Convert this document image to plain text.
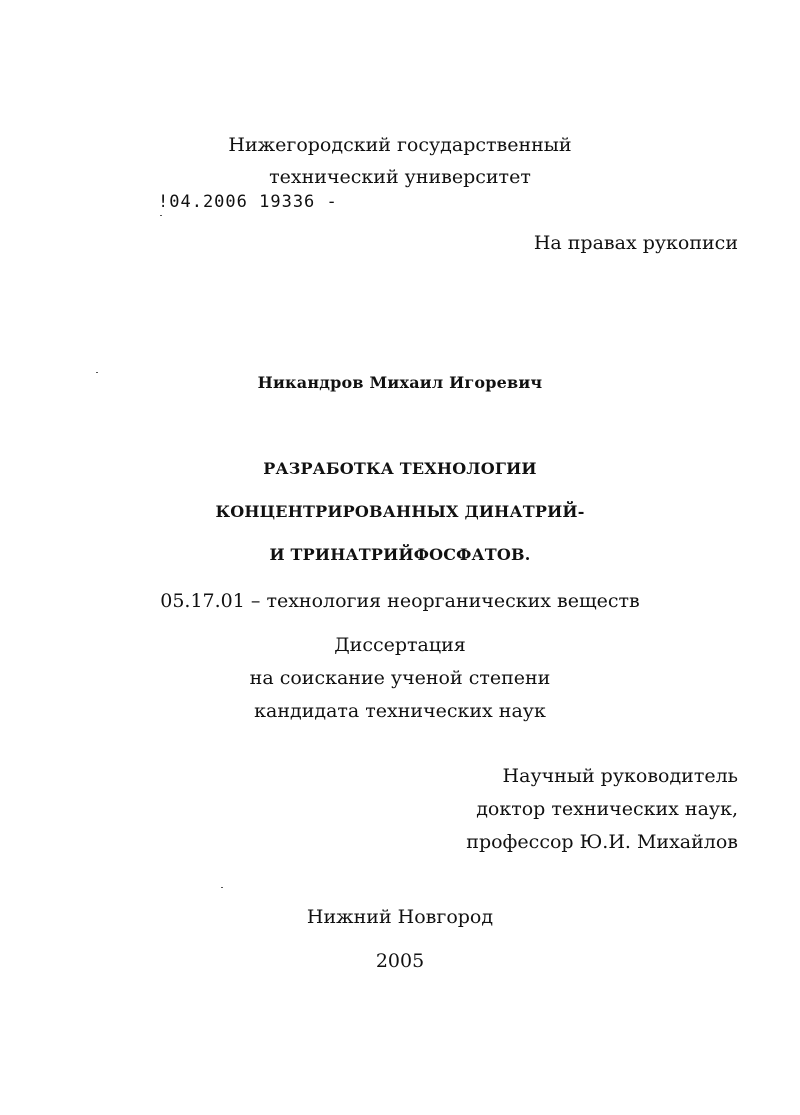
Нижегородский государственный
технический университет
!04.2006 19336 -
На правах рукописи
Никандров Михаил Игоревич
РАЗРАБОТКА ТЕХНОЛОГИИ
КОНЦЕНТРИРОВАННЫХ ДИНАТРИЙ-
И ТРИНАТРИЙФОСФАТОВ.
05.17.01 – технология неорганических веществ
Диссертация
на соискание ученой степени
кандидата технических наук
Научный руководитель
доктор технических наук,
профессор Ю.И. Михайлов
Нижний Новгород
2005
